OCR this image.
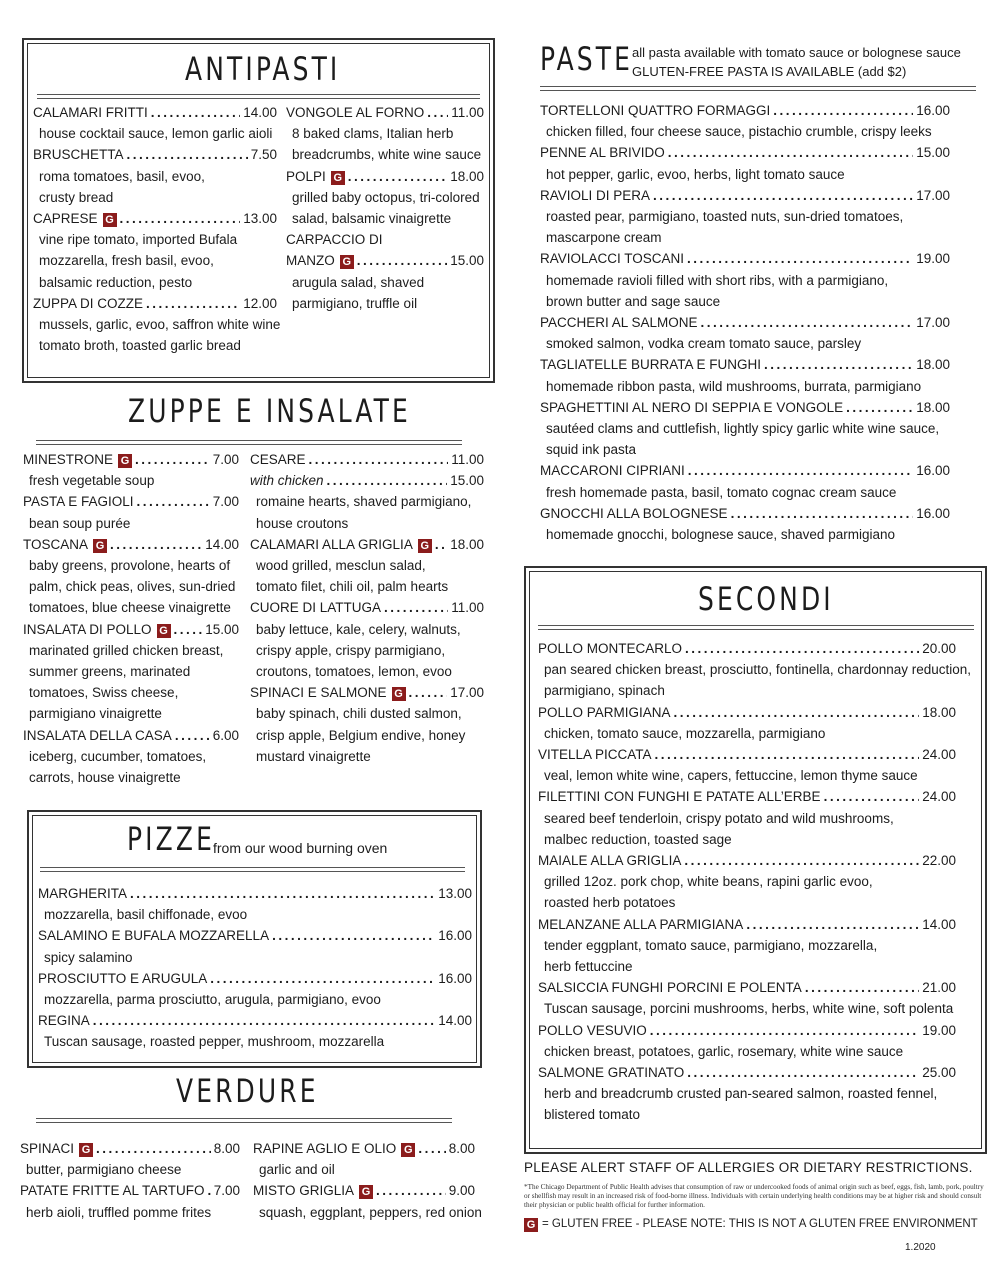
ANTIPASTI
CALAMARI FRITTI .....	14.00
house cocktail sauce, lemon garlic aioli
BRUSCHETTA .....	7.50
roma tomatoes, basil, evoo,
crusty bread
CAPRESE G .....	13.00
vine ripe tomato, imported Bufala
mozzarella, fresh basil, evoo,
balsamic reduction, pesto
ZUPPA DI COZZE .....	12.00
mussels, garlic, evoo, saffron white wine
tomato broth, toasted garlic bread
VONGOLE AL FORNO ..... 11.00
8 baked clams, Italian herb
breadcrumbs, white wine sauce
POLPI G .....	18.00
grilled baby octopus, tri-colored
salad, balsamic vinaigrette
CARPACCIO DI
MANZO G .....	15.00
arugula salad, shaved
parmigiano, truffle oil
ZUPPE E INSALATE
MINESTRONE G .....	7.00
fresh vegetable soup
PASTA E FAGIOLI .....	7.00
bean soup purée
TOSCANA G .....	14.00
baby greens, provolone, hearts of
palm, chick peas, olives, sun-dried
tomatoes, blue cheese vinaigrette
INSALATA DI POLLO G .....	15.00
marinated grilled chicken breast,
summer greens, marinated
tomatoes, Swiss cheese,
parmigiano vinaigrette
INSALATA DELLA CASA .....	6.00
iceberg, cucumber, tomatoes,
carrots, house vinaigrette
CESARE .....	11.00
with chicken .....	15.00
romaine hearts, shaved parmigiano,
house croutons
CALAMARI ALLA GRIGLIA G ..... 18.00
wood grilled, mesclun salad,
tomato filet, chili oil, palm hearts
CUORE DI LATTUGA .....	11.00
baby lettuce, kale, celery, walnuts,
crispy apple, crispy parmigiano,
croutons, tomatoes, lemon, evoo
SPINACI E SALMONE G .....	17.00
baby spinach, chili dusted salmon,
crisp apple, Belgium endive, honey
mustard vinaigrette
PIZZE
from our wood burning oven
MARGHERITA .....	13.00
mozzarella, basil chiffonade, evoo
SALAMINO E BUFALA MOZZARELLA .....	16.00
spicy salamino
PROSCIUTTO E ARUGULA .....	16.00
mozzarella, parma prosciutto, arugula, parmigiano, evoo
REGINA .....	14.00
Tuscan sausage, roasted pepper, mushroom, mozzarella
VERDURE
SPINACI G .....	8.00
butter, parmigiano cheese
PATATE FRITTE AL TARTUFO ..... 7.00
herb aioli, truffled pomme frites
RAPINE AGLIO E OLIO G .....	8.00
garlic and oil
MISTO GRIGLIA G .....	9.00
squash, eggplant, peppers, red onion
PASTE all pasta available with tomato sauce or bolognese sauce
GLUTEN-FREE PASTA IS AVAILABLE (add $2)
TORTELLONI QUATTRO FORMAGGI .....	16.00
chicken filled, four cheese sauce, pistachio crumble, crispy leeks
PENNE AL BRIVIDO .....	15.00
hot pepper, garlic, evoo, herbs, light tomato sauce
RAVIOLI DI PERA .....	17.00
roasted pear, parmigiano, toasted nuts, sun-dried tomatoes,
mascarpone cream
RAVIOLACCI TOSCANI .....	19.00
homemade ravioli filled with short ribs, with a parmigiano,
brown butter and sage sauce
PACCHERI AL SALMONE .....	17.00
smoked salmon, vodka cream tomato sauce, parsley
TAGLIATELLE BURRATA E FUNGHI .....	18.00
homemade ribbon pasta, wild mushrooms, burrata, parmigiano
SPAGHETTINI AL NERO DI SEPPIA E VONGOLE .....	18.00
sautéed clams and cuttlefish, lightly spicy garlic white wine sauce,
squid ink pasta
MACCARONI CIPRIANI .....	16.00
fresh homemade pasta, basil, tomato cognac cream sauce
GNOCCHI ALLA BOLOGNESE .....	16.00
homemade gnocchi, bolognese sauce, shaved parmigiano
SECONDI
POLLO MONTECARLO .....	20.00
pan seared chicken breast, prosciutto, fontinella, chardonnay reduction,
parmigiano, spinach
POLLO PARMIGIANA .....	18.00
chicken, tomato sauce, mozzarella, parmigiano
VITELLA PICCATA .....	24.00
veal, lemon white wine, capers, fettuccine, lemon thyme sauce
FILETTINI CON FUNGHI E PATATE ALL’ERBE .....	24.00
seared beef tenderloin, crispy potato and wild mushrooms,
malbec reduction, toasted sage
MAIALE ALLA GRIGLIA .....	22.00
grilled 12oz. pork chop, white beans, rapini garlic evoo,
roasted herb potatoes
MELANZANE ALLA PARMIGIANA .....	14.00
tender eggplant, tomato sauce, parmigiano, mozzarella,
herb fettuccine
SALSICCIA FUNGHI PORCINI E POLENTA .....	21.00
Tuscan sausage, porcini mushrooms, herbs, white wine, soft polenta
POLLO VESUVIO .....	19.00
chicken breast, potatoes, garlic, rosemary, white wine sauce
SALMONE GRATINATO .....	25.00
herb and breadcrumb crusted pan-seared salmon, roasted fennel,
blistered tomato
PLEASE ALERT STAFF OF ALLERGIES OR DIETARY RESTRICTIONS.
*The Chicago Department of Public Health advises that consumption of raw or undercooked foods of animal origin such as beef, eggs, fish, lamb, pork, poultry or shellfish may result in an increased risk of food-borne illness. Individuals with certain underlying health conditions may be at higher risk and should consult their physician or public health official for further information.
G = GLUTEN FREE - PLEASE NOTE: THIS IS NOT A GLUTEN FREE ENVIRONMENT
1.2020
